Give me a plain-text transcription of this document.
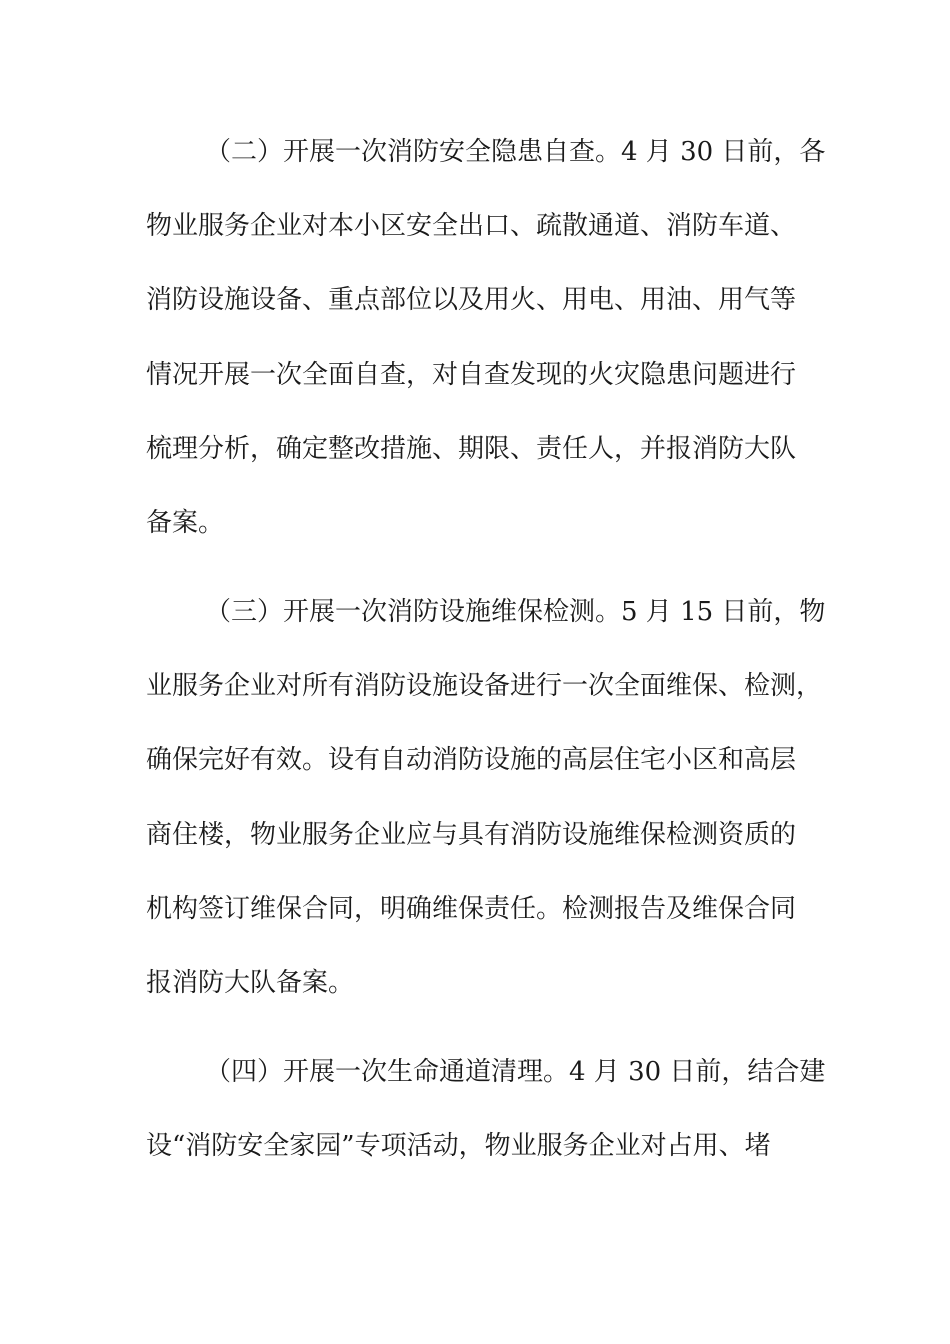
（二）开展一次消防安全隐患自查。4 月 30 日前，各
物业服务企业对本小区安全出口、疏散通道、消防车道、
消防设施设备、重点部位以及用火、用电、用油、用气等
情况开展一次全面自查，对自查发现的火灾隐患问题进行
梳理分析，确定整改措施、期限、责任人，并报消防大队
备案。
（三）开展一次消防设施维保检测。5 月 15 日前，物
业服务企业对所有消防设施设备进行一次全面维保、检测，
确保完好有效。设有自动消防设施的高层住宅小区和高层
商住楼，物业服务企业应与具有消防设施维保检测资质的
机构签订维保合同，明确维保责任。检测报告及维保合同
报消防大队备案。
（四）开展一次生命通道清理。4 月 30 日前，结合建
设“消防安全家园”专项活动，物业服务企业对占用、堵
